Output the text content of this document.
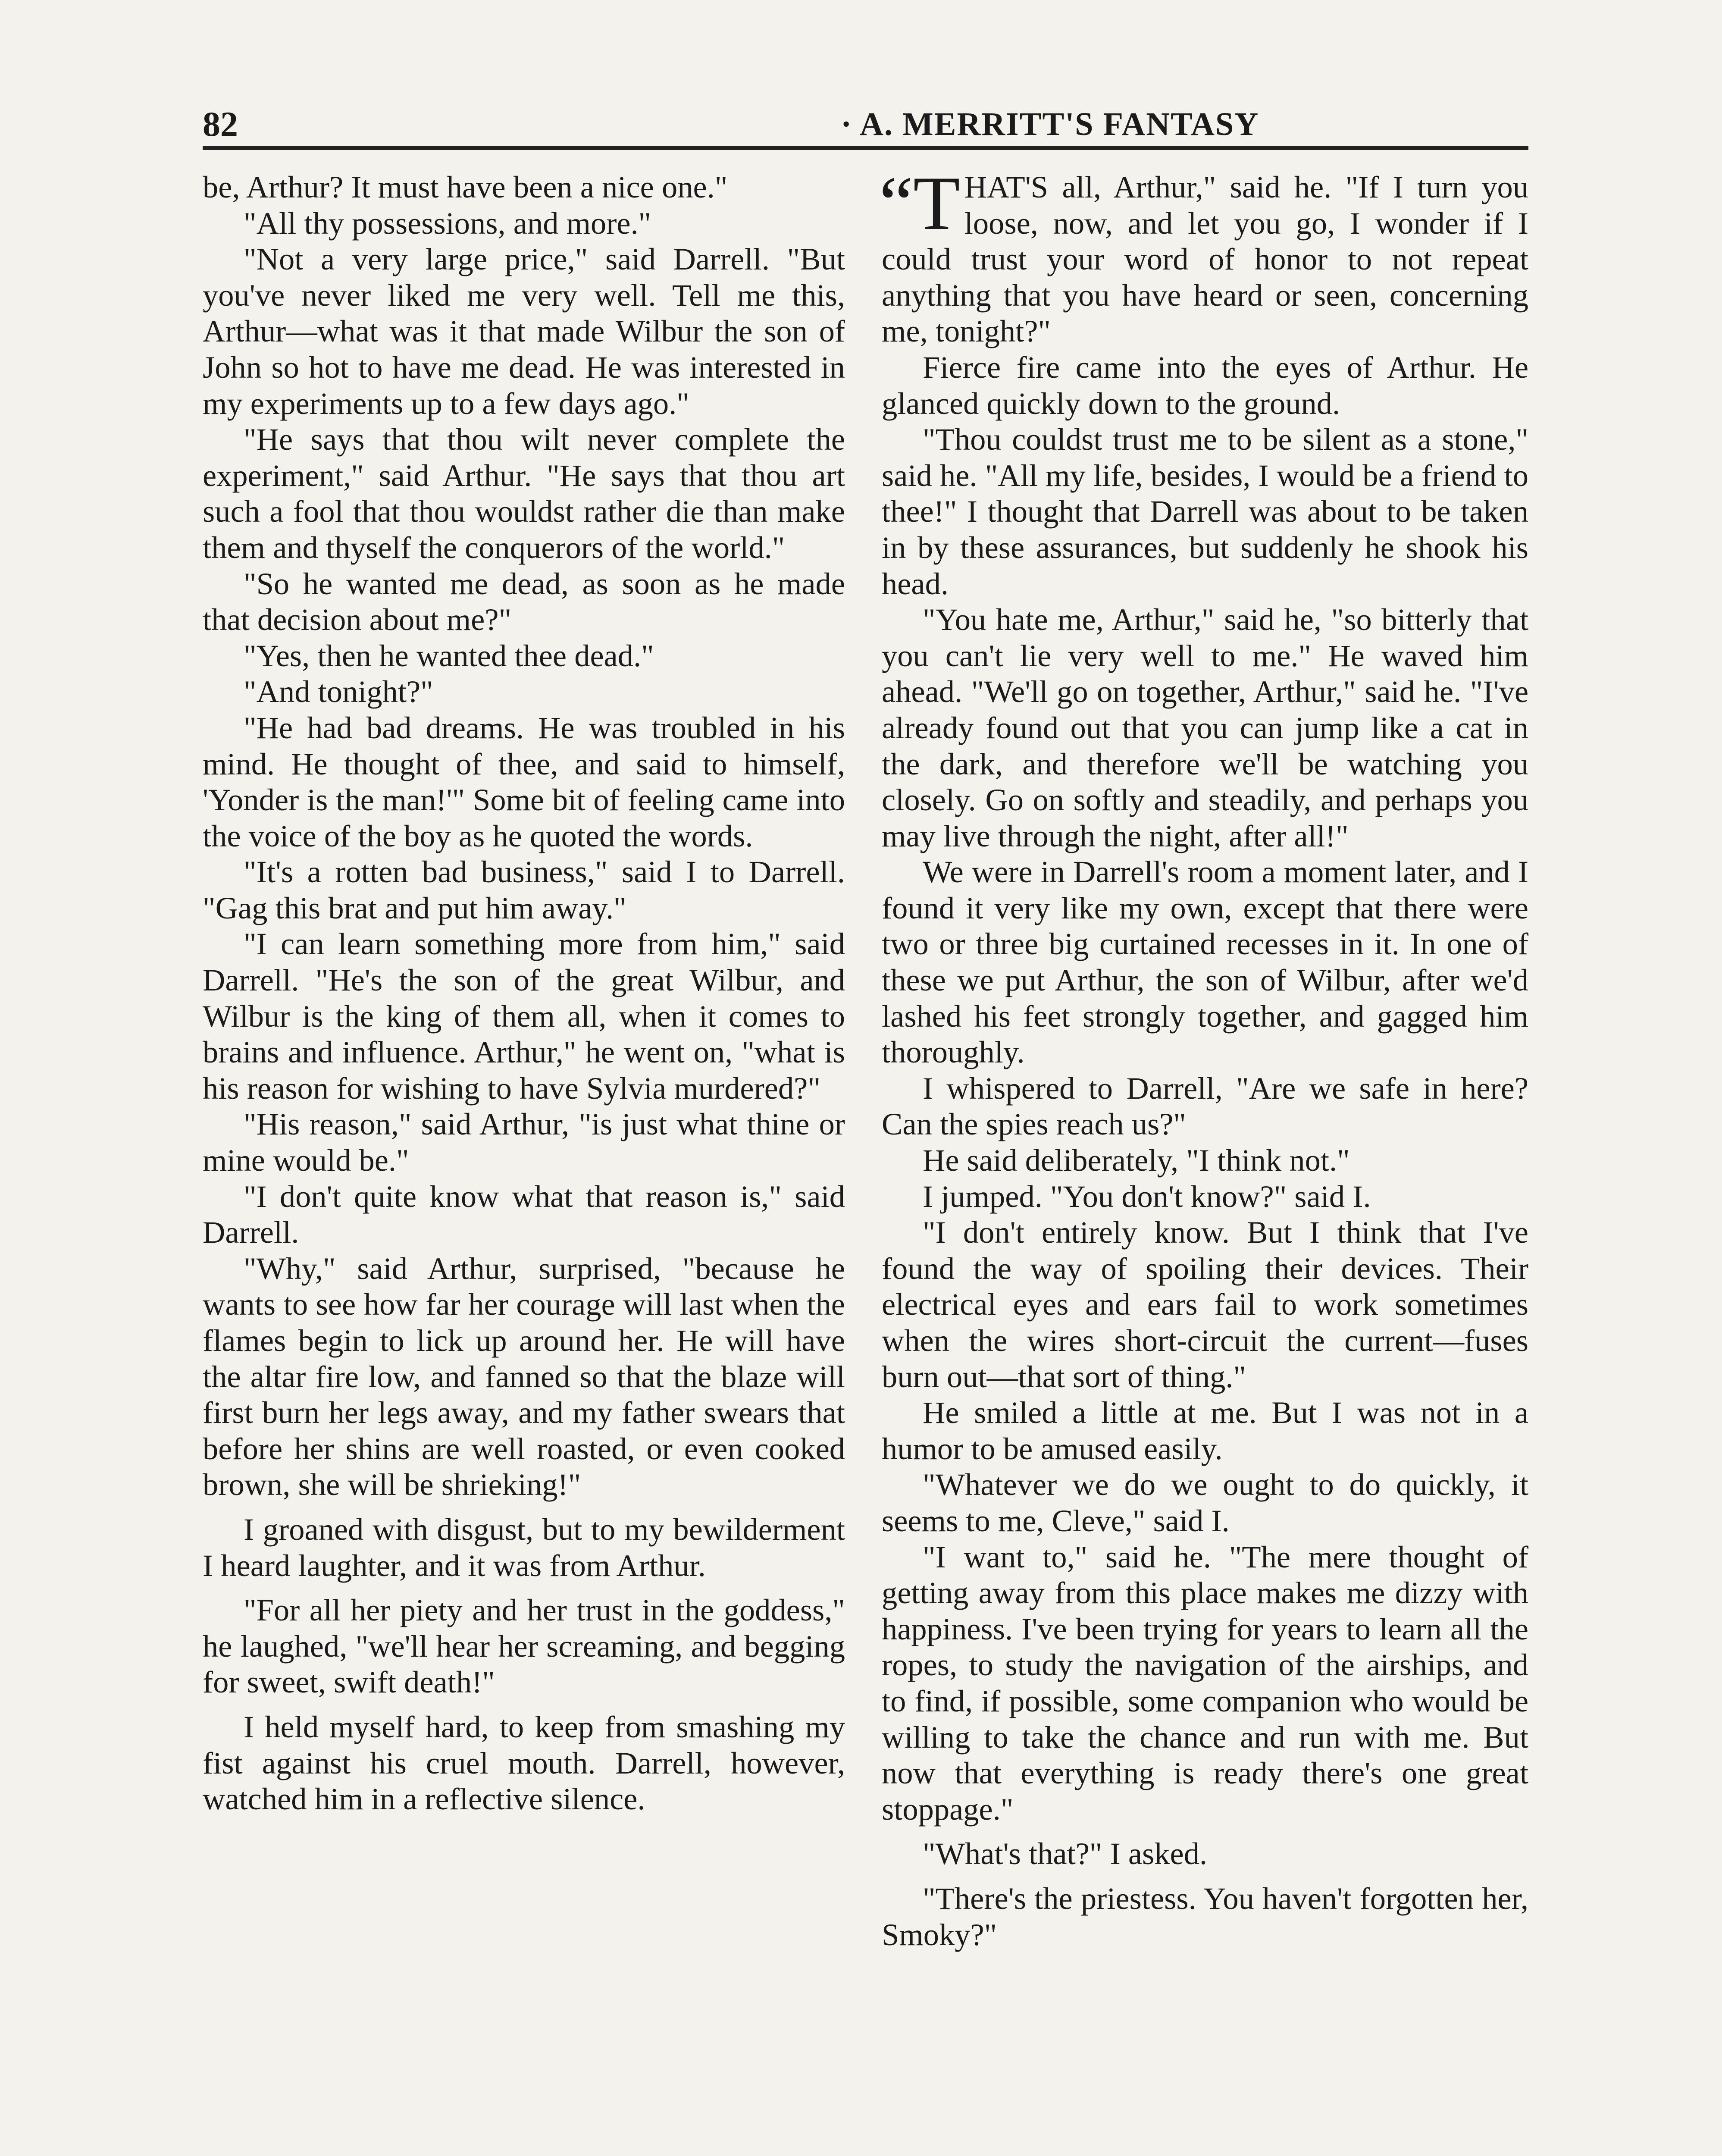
82	· A. MERRITT'S FANTASY

be, Arthur? It must have been a nice one."

"All thy possessions, and more."

"Not a very large price," said Darrell. "But you've never liked me very well. Tell me this, Arthur—what was it that made Wilbur the son of John so hot to have me dead. He was interested in my experiments up to a few days ago."

"He says that thou wilt never complete the experiment," said Arthur. "He says that thou art such a fool that thou wouldst rather die than make them and thyself the conquerors of the world."

"So he wanted me dead, as soon as he made that decision about me?"

"Yes, then he wanted thee dead."

"And tonight?"

"He had bad dreams. He was troubled in his mind. He thought of thee, and said to himself, 'Yonder is the man!'" Some bit of feeling came into the voice of the boy as he quoted the words.

"It's a rotten bad business," said I to Darrell. "Gag this brat and put him away."

"I can learn something more from him," said Darrell. "He's the son of the great Wilbur, and Wilbur is the king of them all, when it comes to brains and influence. Arthur," he went on, "what is his reason for wishing to have Sylvia murdered?"

"His reason," said Arthur, "is just what thine or mine would be."

"I don't quite know what that reason is," said Darrell.

"Why," said Arthur, surprised, "because he wants to see how far her courage will last when the flames begin to lick up around her. He will have the altar fire low, and fanned so that the blaze will first burn her legs away, and my father swears that before her shins are well roasted, or even cooked brown, she will be shrieking!"

I groaned with disgust, but to my bewilderment I heard laughter, and it was from Arthur.

"For all her piety and her trust in the goddess," he laughed, "we'll hear her screaming, and begging for sweet, swift death!"

I held myself hard, to keep from smashing my fist against his cruel mouth. Darrell, however, watched him in a reflective silence.

“T HAT'S all, Arthur," said he. "If I turn you loose, now, and let you go, I wonder if I could trust your word of honor to not repeat anything that you have heard or seen, concerning me, tonight?"

Fierce fire came into the eyes of Arthur. He glanced quickly down to the ground.

"Thou couldst trust me to be silent as a stone," said he. "All my life, besides, I would be a friend to thee!" I thought that Darrell was about to be taken in by these assurances, but suddenly he shook his head.

"You hate me, Arthur," said he, "so bitterly that you can't lie very well to me." He waved him ahead. "We'll go on together, Arthur," said he. "I've already found out that you can jump like a cat in the dark, and therefore we'll be watching you closely. Go on softly and steadily, and perhaps you may live through the night, after all!"

We were in Darrell's room a moment later, and I found it very like my own, except that there were two or three big curtained recesses in it. In one of these we put Arthur, the son of Wilbur, after we'd lashed his feet strongly together, and gagged him thoroughly.

I whispered to Darrell, "Are we safe in here? Can the spies reach us?"

He said deliberately, "I think not."

I jumped. "You don't know?" said I.

"I don't entirely know. But I think that I've found the way of spoiling their devices. Their electrical eyes and ears fail to work sometimes when the wires short-circuit the current—fuses burn out—that sort of thing."

He smiled a little at me. But I was not in a humor to be amused easily.

"Whatever we do we ought to do quickly, it seems to me, Cleve," said I.

"I want to," said he. "The mere thought of getting away from this place makes me dizzy with happiness. I've been trying for years to learn all the ropes, to study the navigation of the airships, and to find, if possible, some companion who would be willing to take the chance and run with me. But now that everything is ready there's one great stoppage."

"What's that?" I asked.

"There's the priestess. You haven't forgotten her, Smoky?"
